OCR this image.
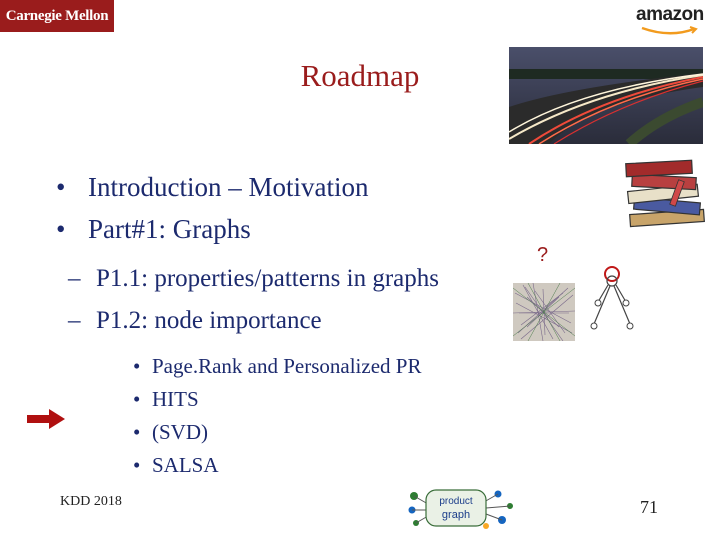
Carnegie Mellon	amazon
Roadmap
• Introduction – Motivation
• Part#1: Graphs
– P1.1: properties/patterns in graphs
– P1.2: node importance
• Page.Rank and Personalized PR
• HITS
• (SVD)
• SALSA
?
KDD 2018	product
graph	71
